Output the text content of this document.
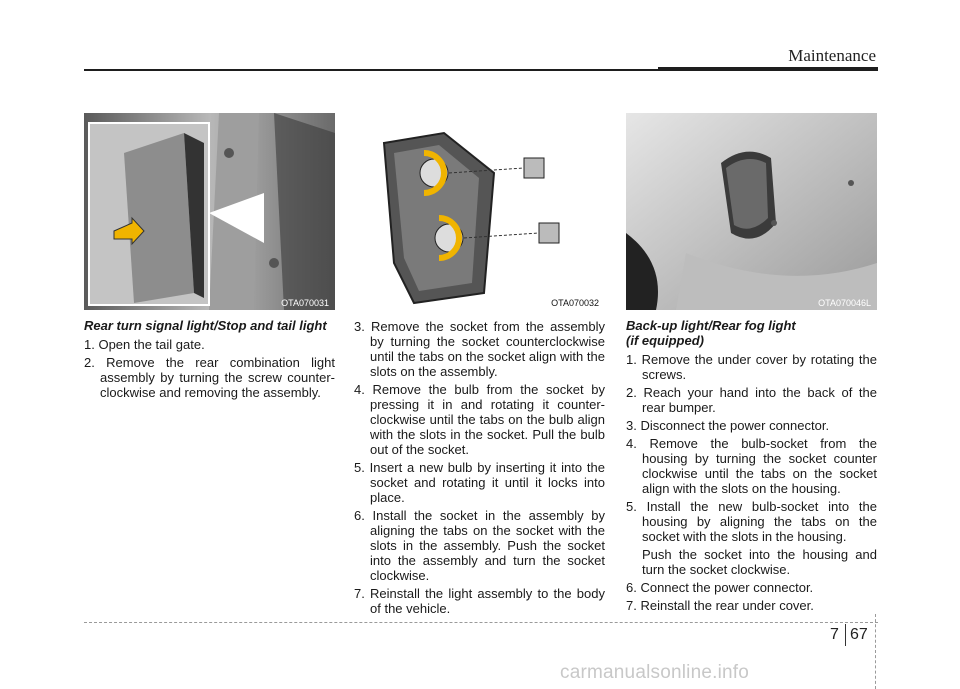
Maintenance
OTA070031	OTA070032	OTA070046L
Rear turn signal light/Stop and tail light
1. Open the tail gate.
2. Remove the rear combination light assembly by turning the screw counter-clockwise and removing the assembly.
3. Remove the socket from the assembly by turning the socket counterclockwise until the tabs on the socket align with the slots on the assembly.
4. Remove the bulb from the socket by pressing it in and rotating it counter-clockwise until the tabs on the bulb align with the slots in the socket. Pull the bulb out of the socket.
5. Insert a new bulb by inserting it into the socket and rotating it until it locks into place.
6. Install the socket in the assembly by aligning the tabs on the socket with the slots in the assembly. Push the socket into the assembly and turn the socket clockwise.
7. Reinstall the light assembly to the body of the vehicle.
Back-up light/Rear fog light
(if equipped)
1. Remove the under cover by rotating the screws.
2. Reach your hand into the back of the rear bumper.
3. Disconnect the power connector.
4. Remove the bulb-socket from the housing by turning the socket counter clockwise until the tabs on the socket align with the slots on the housing.
5. Install the new bulb-socket into the housing by aligning the tabs on the socket with the slots in the housing.

Push the socket into the housing and turn the socket clockwise.

6. Connect the power connector.
7. Reinstall the rear under cover.
7 67
carmanualsonline.info
